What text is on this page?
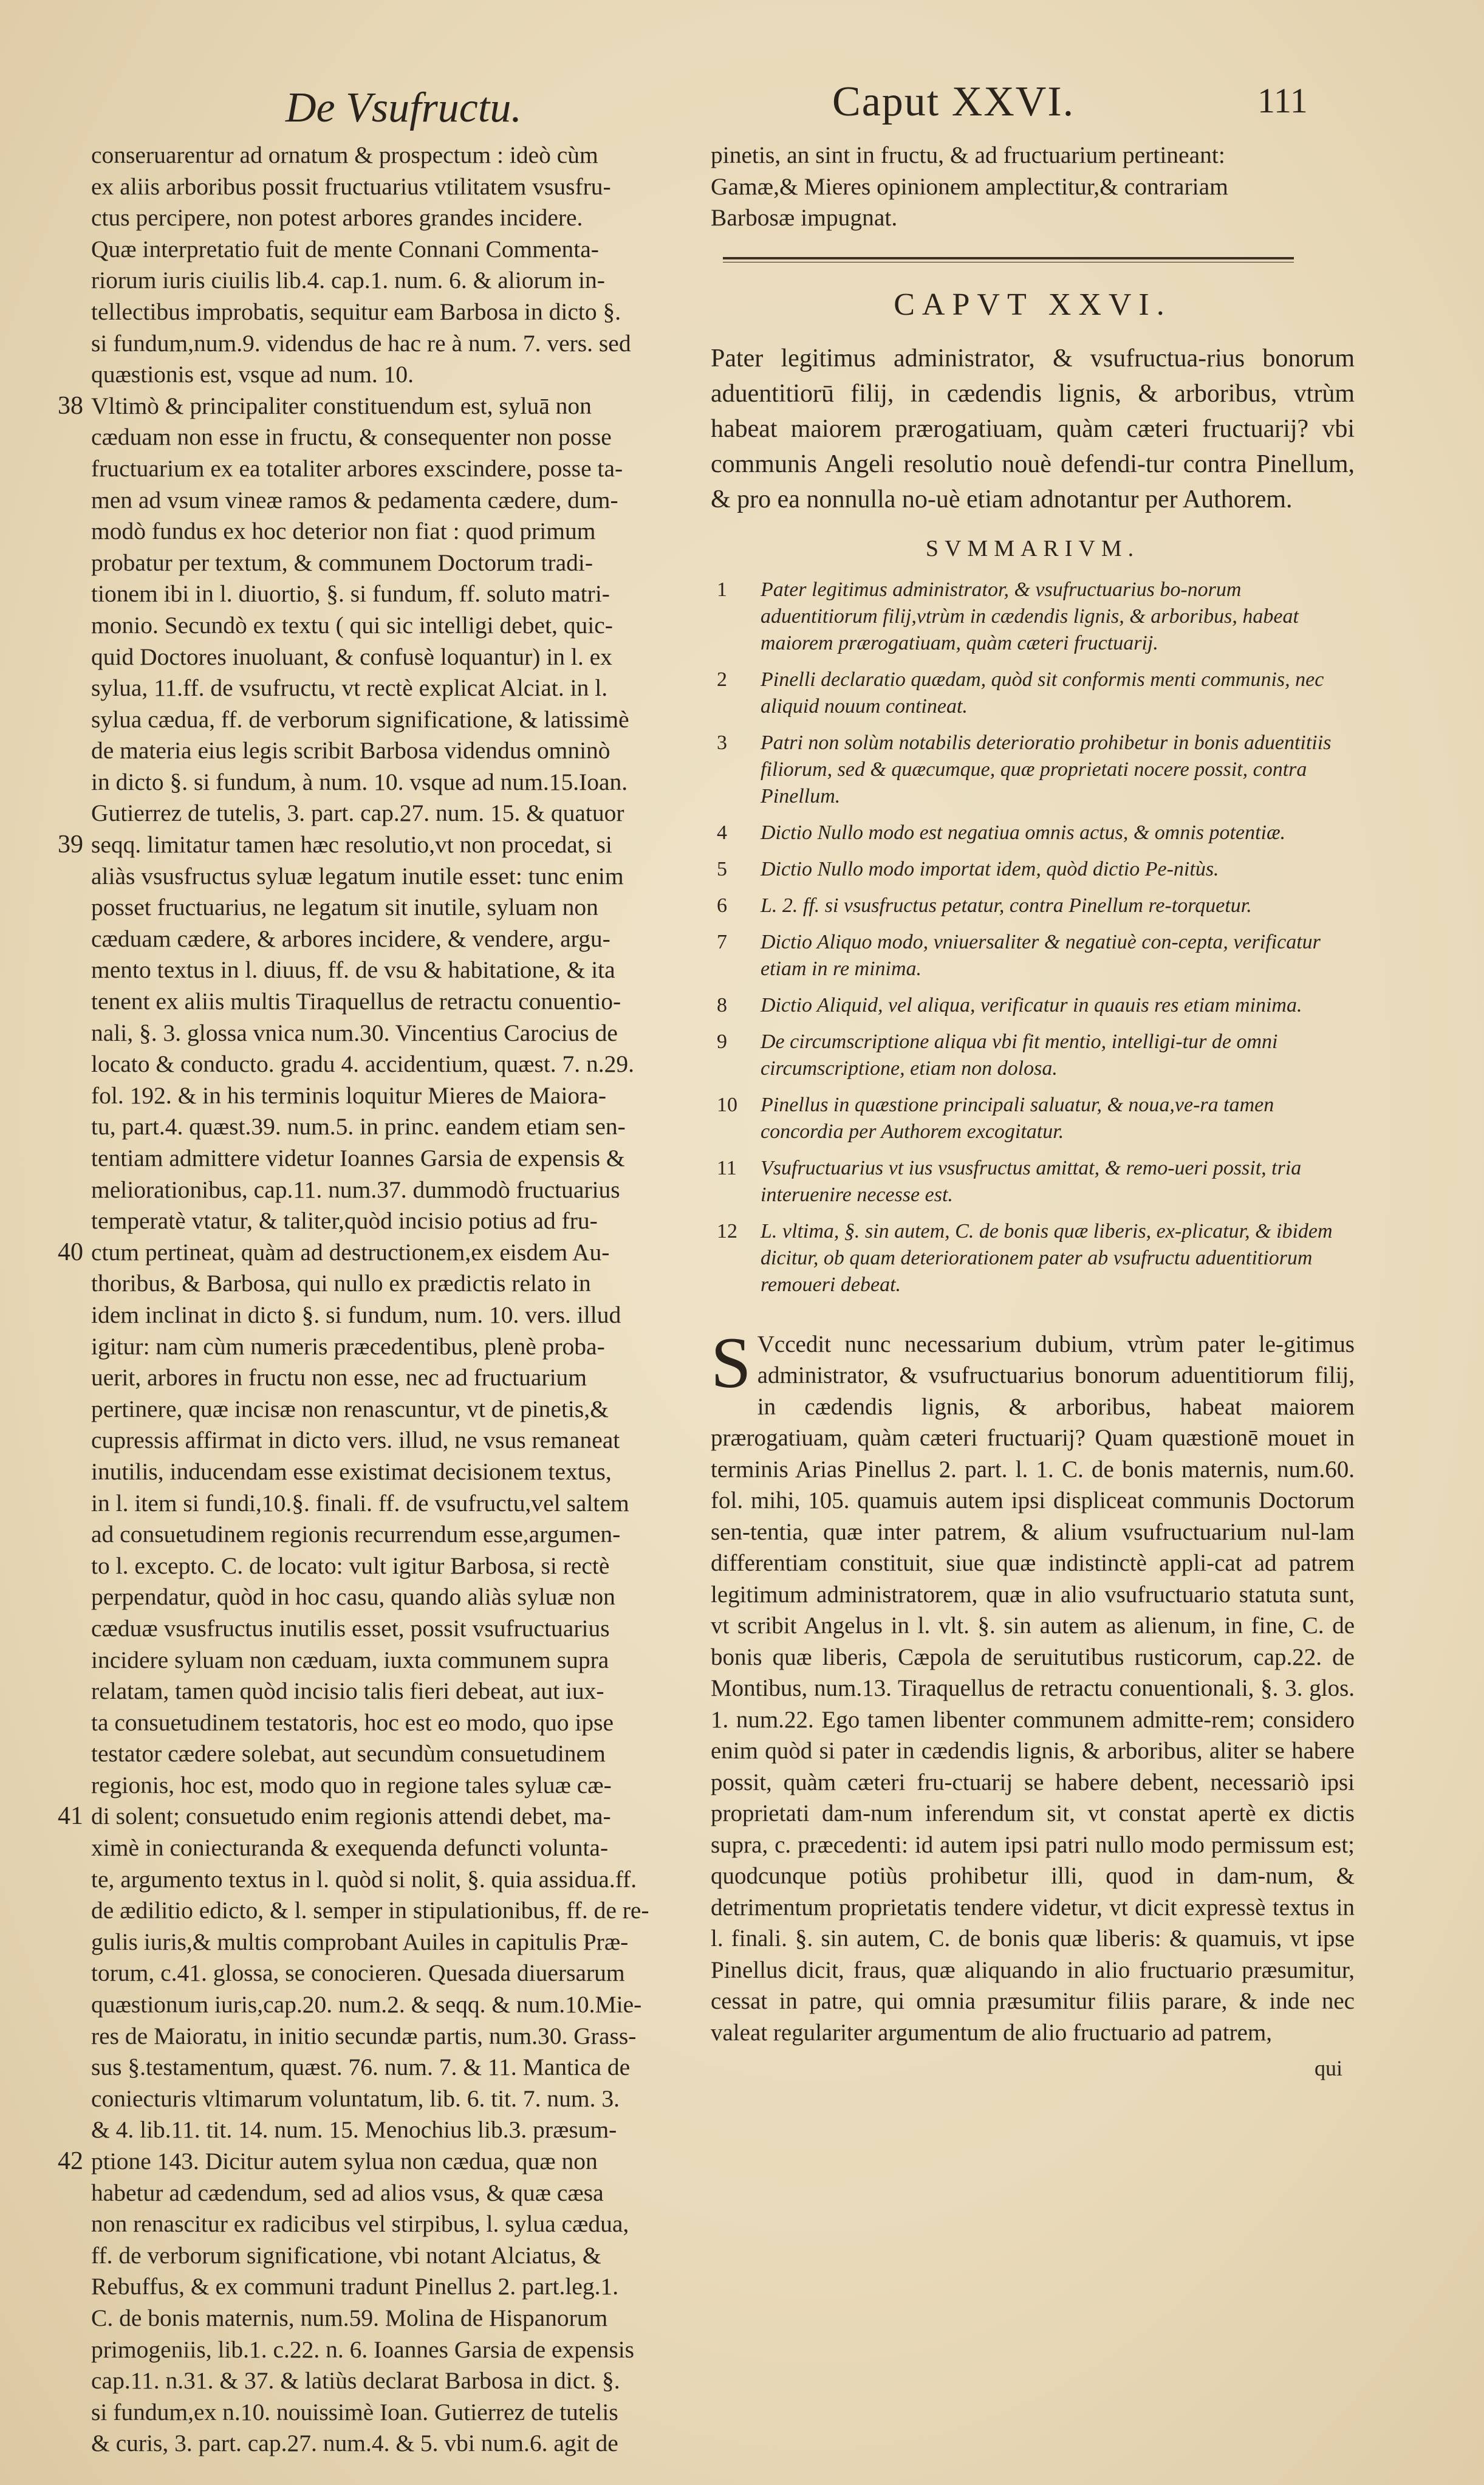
De Vsufructu.	Caput XXVI.	111

conseruarentur ad ornatum & prospectum : ideò cùm

ex aliis arboribus possit fructuarius vtilitatem vsusfru-

ctus percipere, non potest arbores grandes incidere.

Quæ interpretatio fuit de mente Connani Commenta-

riorum iuris ciuilis lib.4. cap.1. num. 6. & aliorum in-

tellectibus improbatis, sequitur eam Barbosa in dicto §.

si fundum,num.9. videndus de hac re à num. 7. vers. sed

quæstionis est, vsque ad num. 10.

38 Vltimò & principaliter constituendum est, syluā non

cæduam non esse in fructu, & consequenter non posse

fructuarium ex ea totaliter arbores exscindere, posse ta-

men ad vsum vineæ ramos & pedamenta cædere, dum-

modò fundus ex hoc deterior non fiat : quod primum

probatur per textum, & communem Doctorum tradi-

tionem ibi in l. diuortio, §. si fundum, ff. soluto matri-

monio. Secundò ex textu ( qui sic intelligi debet, quic-

quid Doctores inuoluant, & confusè loquantur) in l. ex

sylua, 11.ff. de vsufructu, vt rectè explicat Alciat. in l.

sylua cædua, ff. de verborum significatione, & latissimè

de materia eius legis scribit Barbosa videndus omninò

in dicto §. si fundum, à num. 10. vsque ad num.15.Ioan.

Gutierrez de tutelis, 3. part. cap.27. num. 15. & quatuor

39 seqq. limitatur tamen hæc resolutio,vt non procedat, si

aliàs vsusfructus syluæ legatum inutile esset: tunc enim

posset fructuarius, ne legatum sit inutile, syluam non

cæduam cædere, & arbores incidere, & vendere, argu-

mento textus in l. diuus, ff. de vsu & habitatione, & ita

tenent ex aliis multis Tiraquellus de retractu conuentio-

nali, §. 3. glossa vnica num.30. Vincentius Carocius de

locato & conducto. gradu 4. accidentium, quæst. 7. n.29.

fol. 192. & in his terminis loquitur Mieres de Maiora-

tu, part.4. quæst.39. num.5. in princ. eandem etiam sen-

tentiam admittere videtur Ioannes Garsia de expensis &

meliorationibus, cap.11. num.37. dummodò fructuarius

temperatè vtatur, & taliter,quòd incisio potius ad fru-

40 ctum pertineat, quàm ad destructionem,ex eisdem Au-

thoribus, & Barbosa, qui nullo ex prædictis relato in

idem inclinat in dicto §. si fundum, num. 10. vers. illud

igitur: nam cùm numeris præcedentibus, plenè proba-

uerit, arbores in fructu non esse, nec ad fructuarium

pertinere, quæ incisæ non renascuntur, vt de pinetis,&

cupressis affirmat in dicto vers. illud, ne vsus remaneat

inutilis, inducendam esse existimat decisionem textus,

in l. item si fundi,10.§. finali. ff. de vsufructu,vel saltem

ad consuetudinem regionis recurrendum esse,argumen-

to l. excepto. C. de locato: vult igitur Barbosa, si rectè

perpendatur, quòd in hoc casu, quando aliàs syluæ non

cæduæ vsusfructus inutilis esset, possit vsufructuarius

incidere syluam non cæduam, iuxta communem supra

relatam, tamen quòd incisio talis fieri debeat, aut iux-

ta consuetudinem testatoris, hoc est eo modo, quo ipse

testator cædere solebat, aut secundùm consuetudinem

regionis, hoc est, modo quo in regione tales syluæ cæ-

41 di solent; consuetudo enim regionis attendi debet, ma-

ximè in coniecturanda & exequenda defuncti volunta-

te, argumento textus in l. quòd si nolit, §. quia assidua.ff.

de ædilitio edicto, & l. semper in stipulationibus, ff. de re-

gulis iuris,& multis comprobant Auiles in capitulis Præ-

torum, c.41. glossa, se conocieren. Quesada diuersarum

quæstionum iuris,cap.20. num.2. & seqq. & num.10.Mie-

res de Maioratu, in initio secundæ partis, num.30. Grass-

sus §.testamentum, quæst. 76. num. 7. & 11. Mantica de

coniecturis vltimarum voluntatum, lib. 6. tit. 7. num. 3.

& 4. lib.11. tit. 14. num. 15. Menochius lib.3. præsum-

42 ptione 143. Dicitur autem sylua non cædua, quæ non

habetur ad cædendum, sed ad alios vsus, & quæ cæsa

non renascitur ex radicibus vel stirpibus, l. sylua cædua,

ff. de verborum significatione, vbi notant Alciatus, &

Rebuffus, & ex communi tradunt Pinellus 2. part.leg.1.

C. de bonis maternis, num.59. Molina de Hispanorum

primogeniis, lib.1. c.22. n. 6. Ioannes Garsia de expensis

cap.11. n.31. & 37. & latiùs declarat Barbosa in dict. §.

si fundum,ex n.10. nouissimè Ioan. Gutierrez de tutelis

& curis, 3. part. cap.27. num.4. & 5. vbi num.6. agit de

pinetis, an sint in fructu, & ad fructuarium pertineant:

Gamæ,& Mieres opinionem amplectitur,& contrariam

Barbosæ impugnat.

CAPVT XXVI.

Pater legitimus administrator, & vsufructua-rius bonorum aduentitiorū filij, in cædendis lignis, & arboribus, vtrùm habeat maiorem prærogatiuam, quàm cæteri fructuarij? vbi communis Angeli resolutio nouè defendi-tur contra Pinellum, & pro ea nonnulla no-uè etiam adnotantur per Authorem.

SVMMARIVM.
1 Pater legitimus administrator, & vsufructuarius bo-norum aduentitiorum filij,vtrùm in cædendis lignis, & arboribus, habeat maiorem prærogatiuam, quàm cæteri fructuarij.
2 Pinelli declaratio quædam, quòd sit conformis menti communis, nec aliquid nouum contineat.
3 Patri non solùm notabilis deterioratio prohibetur in bonis aduentitiis filiorum, sed & quæcumque, quæ proprietati nocere possit, contra Pinellum.
4 Dictio Nullo modo est negatiua omnis actus, & omnis potentiæ.
5 Dictio Nullo modo importat idem, quòd dictio Pe-nitùs.
6 L. 2. ff. si vsusfructus petatur, contra Pinellum re-torquetur.
7 Dictio Aliquo modo, vniuersaliter & negatiuè con-cepta, verificatur etiam in re minima.
8 Dictio Aliquid, vel aliqua, verificatur in quauis res etiam minima.
9 De circumscriptione aliqua vbi fit mentio, intelligi-tur de omni circumscriptione, etiam non dolosa.
10 Pinellus in quæstione principali saluatur, & noua,ve-ra tamen concordia per Authorem excogitatur.
11 Vsufructuarius vt ius vsusfructus amittat, & remo-ueri possit, tria interuenire necesse est.
12 L. vltima, §. sin autem, C. de bonis quæ liberis, ex-plicatur, & ibidem dicitur, ob quam deteriorationem pater ab vsufructu aduentitiorum remoueri debeat.

S Vccedit nunc necessarium dubium, vtrùm pater le-gitimus administrator, & vsufructuarius bonorum aduentitiorum filij, in cædendis lignis, & arboribus, habeat maiorem prærogatiuam, quàm cæteri fructuarij? Quam quæstionē mouet in terminis Arias Pinellus 2. part. l. 1. C. de bonis maternis, num.60. fol. mihi, 105. quamuis autem ipsi displiceat communis Doctorum sen-tentia, quæ inter patrem, & alium vsufructuarium nul-lam differentiam constituit, siue quæ indistinctè appli-cat ad patrem legitimum administratorem, quæ in alio vsufructuario statuta sunt, vt scribit Angelus in l. vlt. §. sin autem as alienum, in fine, C. de bonis quæ liberis, Cæpola de seruitutibus rusticorum, cap.22. de Montibus, num.13. Tiraquellus de retractu conuentionali, §. 3. glos. 1. num.22. Ego tamen libenter communem admitte-rem; considero enim quòd si pater in cædendis lignis, & arboribus, aliter se habere possit, quàm cæteri fru-ctuarij se habere debent, necessariò ipsi proprietati dam-num inferendum sit, vt constat apertè ex dictis supra, c. præcedenti: id autem ipsi patri nullo modo permissum est; quodcunque potiùs prohibetur illi, quod in dam-num, & detrimentum proprietatis tendere videtur, vt dicit expressè textus in l. finali. §. sin autem, C. de bonis quæ liberis: & quamuis, vt ipse Pinellus dicit, fraus, quæ aliquando in alio fructuario præsumitur, cessat in patre, qui omnia præsumitur filiis parare, & inde nec valeat regulariter argumentum de alio fructuario ad patrem,

qui
